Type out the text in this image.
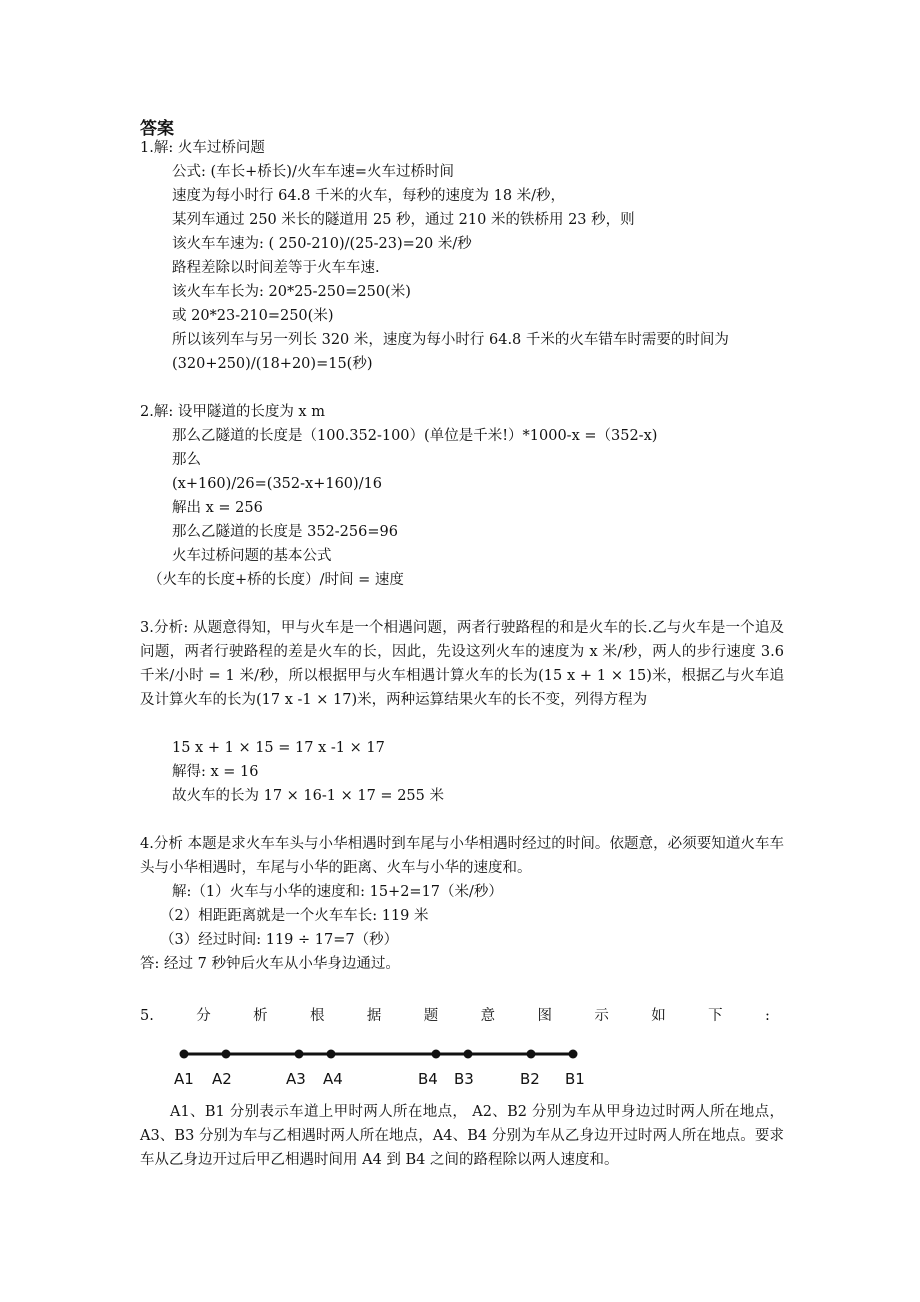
答案
1.解: 火车过桥问题
公式: (车长+桥长)/火车车速=火车过桥时间
速度为每小时行 64.8 千米的火车，每秒的速度为 18 米/秒，
某列车通过 250 米长的隧道用 25 秒，通过 210 米的铁桥用 23 秒，则
该火车车速为: ( 250-210)/(25-23)=20 米/秒
路程差除以时间差等于火车车速.
该火车车长为: 20*25-250=250(米)
或 20*23-210=250(米)
所以该列车与另一列长 320 米，速度为每小时行 64.8 千米的火车错车时需要的时间为
(320+250)/(18+20)=15(秒)
2.解: 设甲隧道的长度为 x m
那么乙隧道的长度是（100.352-100）(单位是千米!）*1000-x =（352-x)
那么
(x+160)/26=(352-x+160)/16
解出 x = 256
那么乙隧道的长度是 352-256=96
火车过桥问题的基本公式
（火车的长度+桥的长度）/时间 = 速度
3.分析: 从题意得知，甲与火车是一个相遇问题，两者行驶路程的和是火车的长.乙与火车是一个追及问题，两者行驶路程的差是火车的长，因此，先设这列火车的速度为 x 米/秒，两人的步行速度 3.6 千米/小时 = 1 米/秒，所以根据甲与火车相遇计算火车的长为(15 x + 1 × 15)米，根据乙与火车追及计算火车的长为(17 x -1 × 17)米，两种运算结果火车的长不变，列得方程为
15 x + 1 × 15 = 17 x -1 × 17
解得: x = 16
故火车的长为 17 × 16-1 × 17 = 255 米
4.分析 本题是求火车车头与小华相遇时到车尾与小华相遇时经过的时间。依题意，必须要知道火车车头与小华相遇时，车尾与小华的距离、火车与小华的速度和。
解:（1）火车与小华的速度和: 15+2=17（米/秒）
（2）相距距离就是一个火车车长: 119 米
（3）经过时间: 119 ÷ 17=7（秒）
答: 经过 7 秒钟后火车从小华身边通过。
5.	分	析	根	据	题	意	图	示	如	下	:
A1 A2	A3 A4	B4 B3	B2 B1
A1、B1 分别表示车道上甲时两人所在地点， A2、B2 分别为车从甲身边过时两人所在地点， A3、B3 分别为车与乙相遇时两人所在地点，A4、B4 分别为车从乙身边开过时两人所在地点。要求车从乙身边开过后甲乙相遇时间用 A4 到 B4 之间的路程除以两人速度和。
